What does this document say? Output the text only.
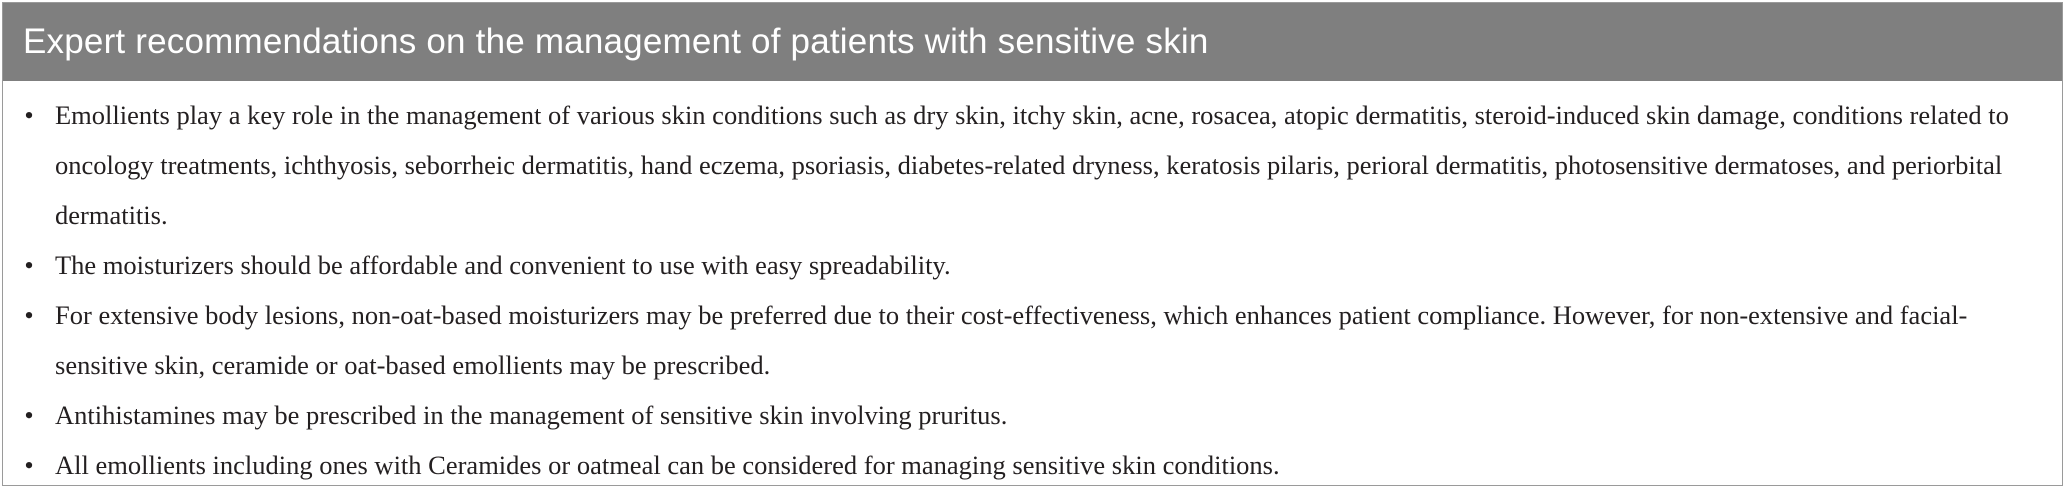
Expert recommendations on the management of patients with sensitive skin
• Emollients play a key role in the management of various skin conditions such as dry skin, itchy skin, acne, rosacea, atopic dermatitis, steroid-induced skin damage, conditions related to oncology treatments, ichthyosis, seborrheic dermatitis, hand eczema, psoriasis, diabetes-related dryness, keratosis pilaris, perioral dermatitis, photosensitive dermatoses, and periorbital dermatitis.
• The moisturizers should be affordable and convenient to use with easy spreadability.
• For extensive body lesions, non-oat-based moisturizers may be preferred due to their cost-effectiveness, which enhances patient compliance. However, for non-extensive and facial-sensitive skin, ceramide or oat-based emollients may be prescribed.
• Antihistamines may be prescribed in the management of sensitive skin involving pruritus.
• All emollients including ones with Ceramides or oatmeal can be considered for managing sensitive skin conditions.
